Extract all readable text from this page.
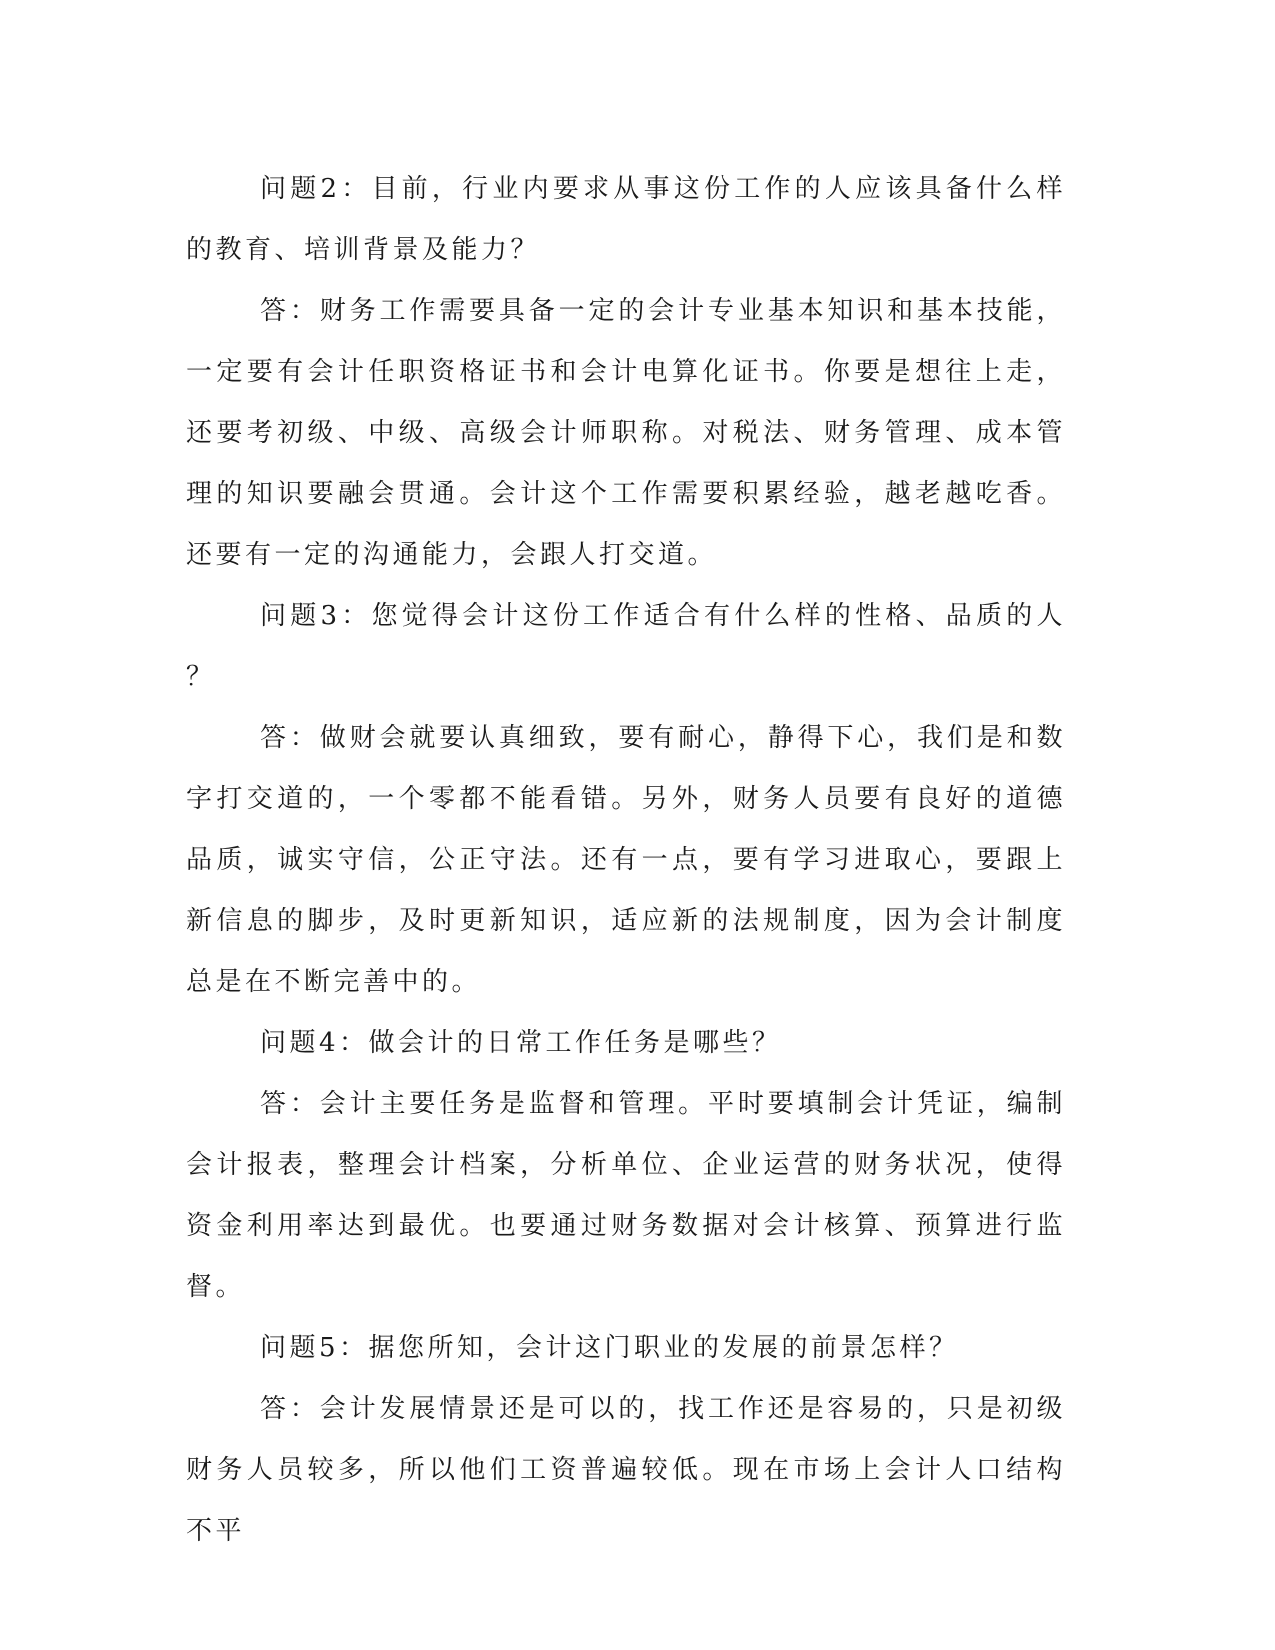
问题2：目前，行业内要求从事这份工作的人应该具备什么样的教育、培训背景及能力？

答：财务工作需要具备一定的会计专业基本知识和基本技能，一定要有会计任职资格证书和会计电算化证书。你要是想往上走，还要考初级、中级、高级会计师职称。对税法、财务管理、成本管理的知识要融会贯通。会计这个工作需要积累经验，越老越吃香。还要有一定的沟通能力，会跟人打交道。

问题3：您觉得会计这份工作适合有什么样的性格、品质的人？

答：做财会就要认真细致，要有耐心，静得下心，我们是和数字打交道的，一个零都不能看错。另外，财务人员要有良好的道德品质，诚实守信，公正守法。还有一点，要有学习进取心，要跟上新信息的脚步，及时更新知识，适应新的法规制度，因为会计制度总是在不断完善中的。

问题4：做会计的日常工作任务是哪些？

答：会计主要任务是监督和管理。平时要填制会计凭证，编制会计报表，整理会计档案，分析单位、企业运营的财务状况，使得资金利用率达到最优。也要通过财务数据对会计核算、预算进行监督。

问题5：据您所知，会计这门职业的发展的前景怎样？

答：会计发展情景还是可以的，找工作还是容易的，只是初级财务人员较多，所以他们工资普遍较低。现在市场上会计人口结构不平
